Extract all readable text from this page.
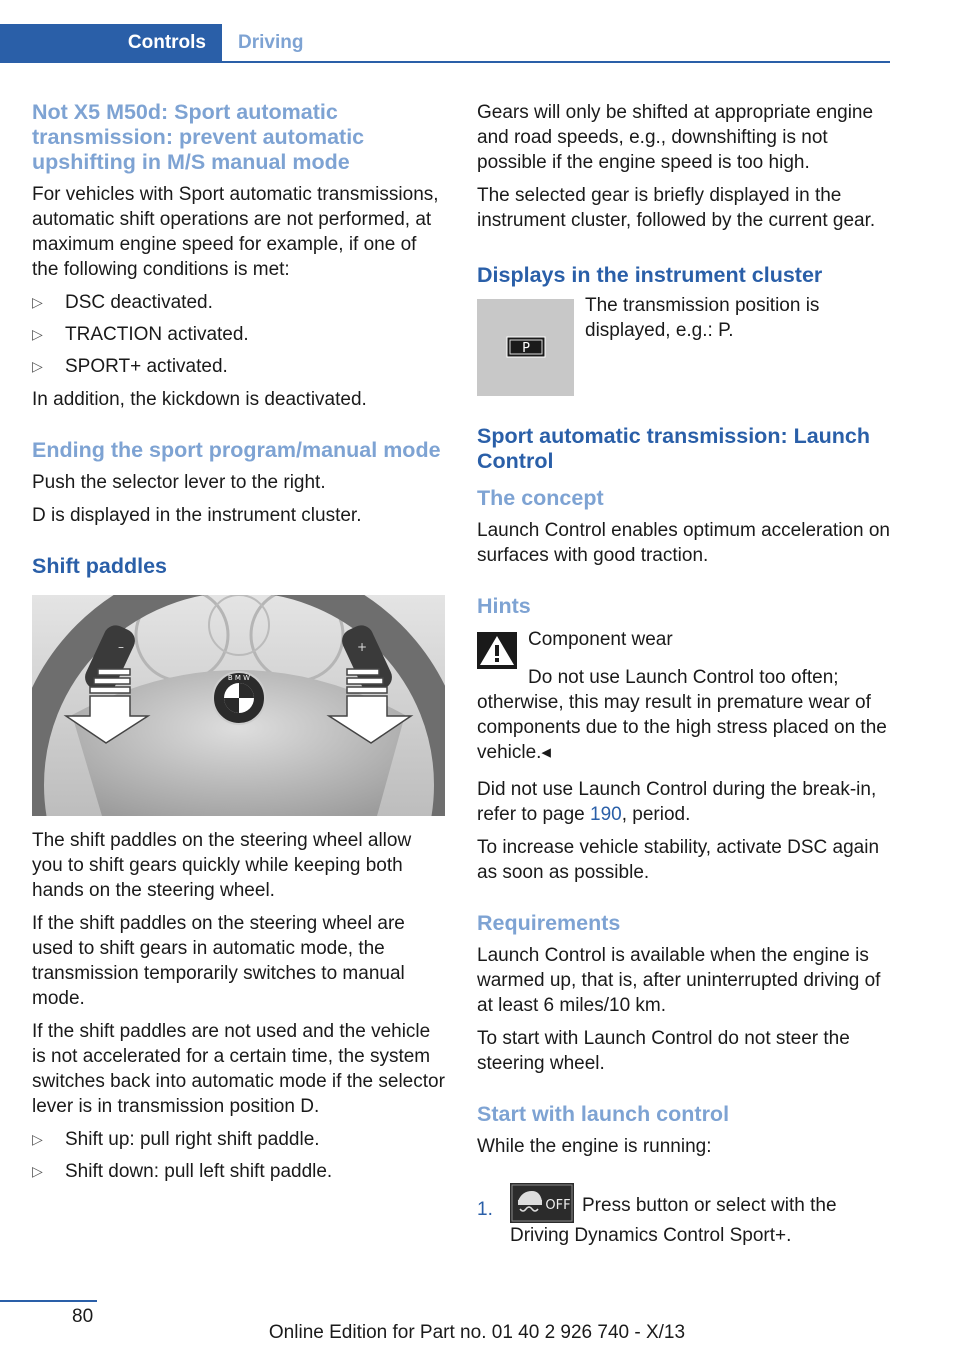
Controls Driving
Not X5 M50d: Sport automatic transmission: prevent automatic upshifting in M/S manual mode

For vehicles with Sport automatic transmissions, automatic shift operations are not performed, at maximum engine speed for example, if one of the following conditions is met:

▷	DSC deactivated.
▷	TRACTION activated.
▷	SPORT+ activated.

In addition, the kickdown is deactivated.

Ending the sport program/manual mode

Push the selector lever to the right.

D is displayed in the instrument cluster.

Shift paddles
–	+
B M W

The shift paddles on the steering wheel allow you to shift gears quickly while keeping both hands on the steering wheel.

If the shift paddles on the steering wheel are used to shift gears in automatic mode, the transmission temporarily switches to manual mode.

If the shift paddles are not used and the vehicle is not accelerated for a certain time, the system switches back into automatic mode if the selector lever is in transmission position D.

▷	Shift up: pull right shift paddle.
▷	Shift down: pull left shift paddle.

Gears will only be shifted at appropriate engine and road speeds, e.g., downshifting is not possible if the engine speed is too high.

The selected gear is briefly displayed in the instrument cluster, followed by the current gear.

Displays in the instrument cluster
P

The transmission position is displayed, e.g.: P.

Sport automatic transmission: Launch Control
The concept

Launch Control enables optimum acceleration on surfaces with good traction.

Hints

Component wear

Do not use Launch Control too often; otherwise, this may result in premature wear of components due to the high stress placed on the vehicle.◂

Did not use Launch Control during the break-in, refer to page 190, period.

To increase vehicle stability, activate DSC again as soon as possible.

Requirements

Launch Control is available when the engine is warmed up, that is, after uninterrupted driving of at least 6 miles/10 km.

To start with Launch Control do not steer the steering wheel.

Start with launch control

While the engine is running:

1.	OFF Press button or select with the Driving Dynamics Control Sport+.

80
Online Edition for Part no. 01 40 2 926 740 - X/13
